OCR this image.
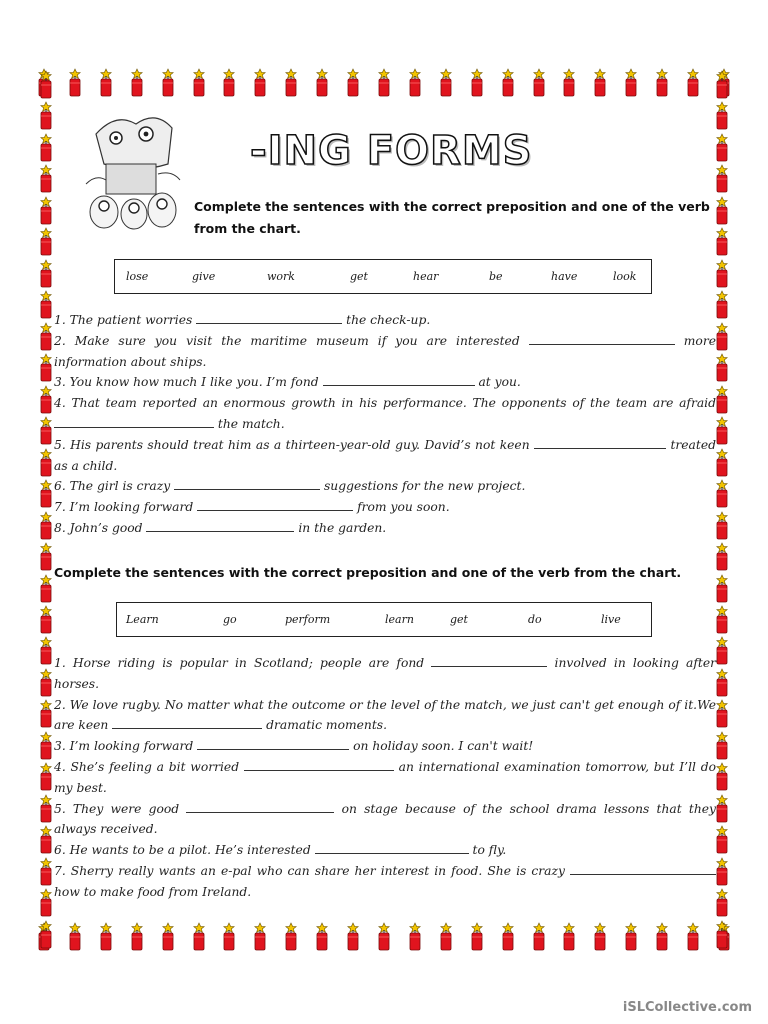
-ING FORMS
Complete the sentences with the correct preposition and one of the verb
from the chart.
lose	give	work	get	hear	be	have	look

1. The patient worries	the check-up.

2. Make sure you visit the maritime museum if you are interested	more information about ships.

3. You know how much I like you. I’m fond	at you.

4. That team reported an enormous growth in his performance. The opponents of the team are afraid  the match.

5. His parents should treat him as a thirteen-year-old guy. David’s not keen	treated as a child.

6. The girl is crazy	suggestions for the new project.

7. I’m looking forward	from you soon.

8. John’s good	in the garden.

Complete the sentences with the correct preposition and one of the verb from the chart.
Learn	go	perform	learn	get	do	live

1. Horse riding is popular in Scotland; people are fond	involved in looking after horses.

2. We love rugby. No matter what the outcome or the level of the match, we just can't get enough of it.We are keen	dramatic moments.

3. I’m looking forward	on holiday soon. I can't wait!

4. She’s feeling a bit worried	an international examination tomorrow, but I’ll do my best.

5. They were good	on stage because of the school drama lessons that they always received.

6. He wants to be a pilot. He’s interested	to fly.

7. Sherry really wants an e-pal who can share her interest in food. She is crazy  how to make food from Ireland.

iSLCollective.com
